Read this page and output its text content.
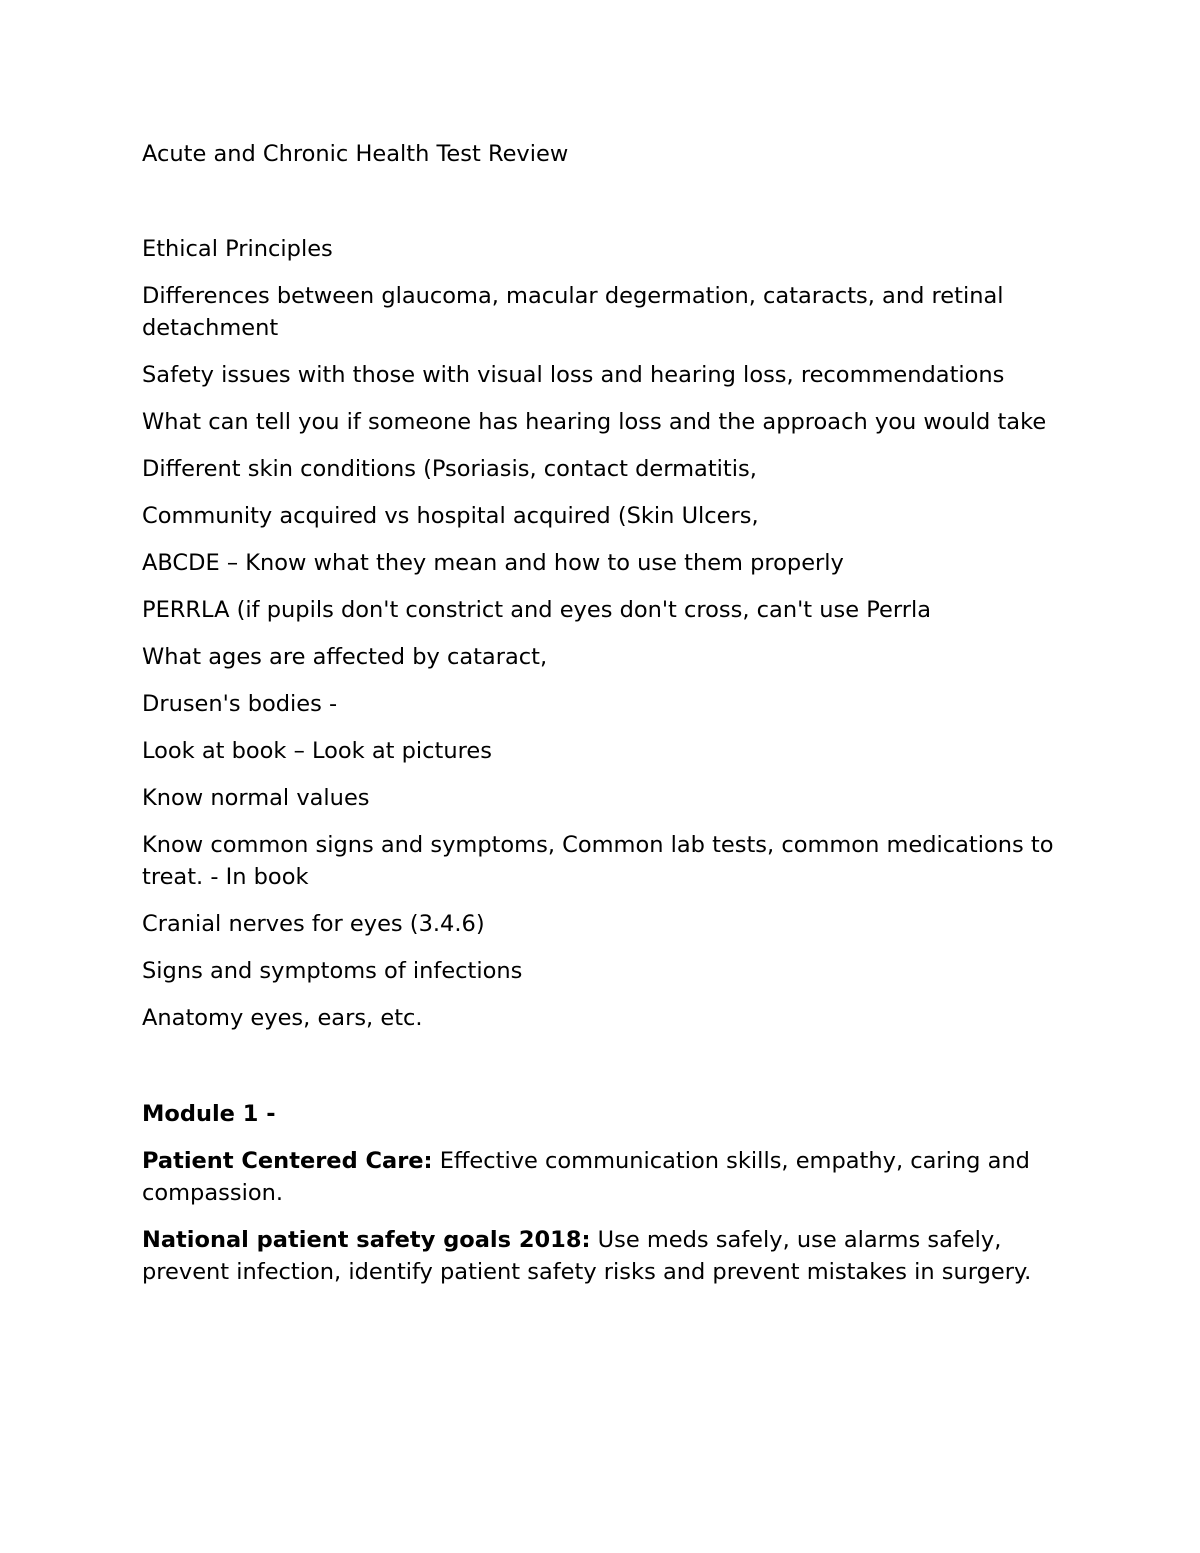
Acute and Chronic Health Test Review

Ethical Principles

Differences between glaucoma, macular degermation, cataracts, and retinal detachment

Safety issues with those with visual loss and hearing loss, recommendations

What can tell you if someone has hearing loss and the approach you would take

Different skin conditions (Psoriasis, contact dermatitis,

Community acquired vs hospital acquired (Skin Ulcers,

ABCDE – Know what they mean and how to use them properly

PERRLA (if pupils don't constrict and eyes don't cross, can't use Perrla

What ages are affected by cataract,

Drusen's bodies -

Look at book – Look at pictures

Know normal values

Know common signs and symptoms, Common lab tests, common medications to treat. - In book

Cranial nerves for eyes (3.4.6)

Signs and symptoms of infections

Anatomy eyes, ears, etc.

Module 1 -

Patient Centered Care: Effective communication skills, empathy, caring and compassion.

National patient safety goals 2018: Use meds safely, use alarms safely, prevent infection, identify patient safety risks and prevent mistakes in surgery.
